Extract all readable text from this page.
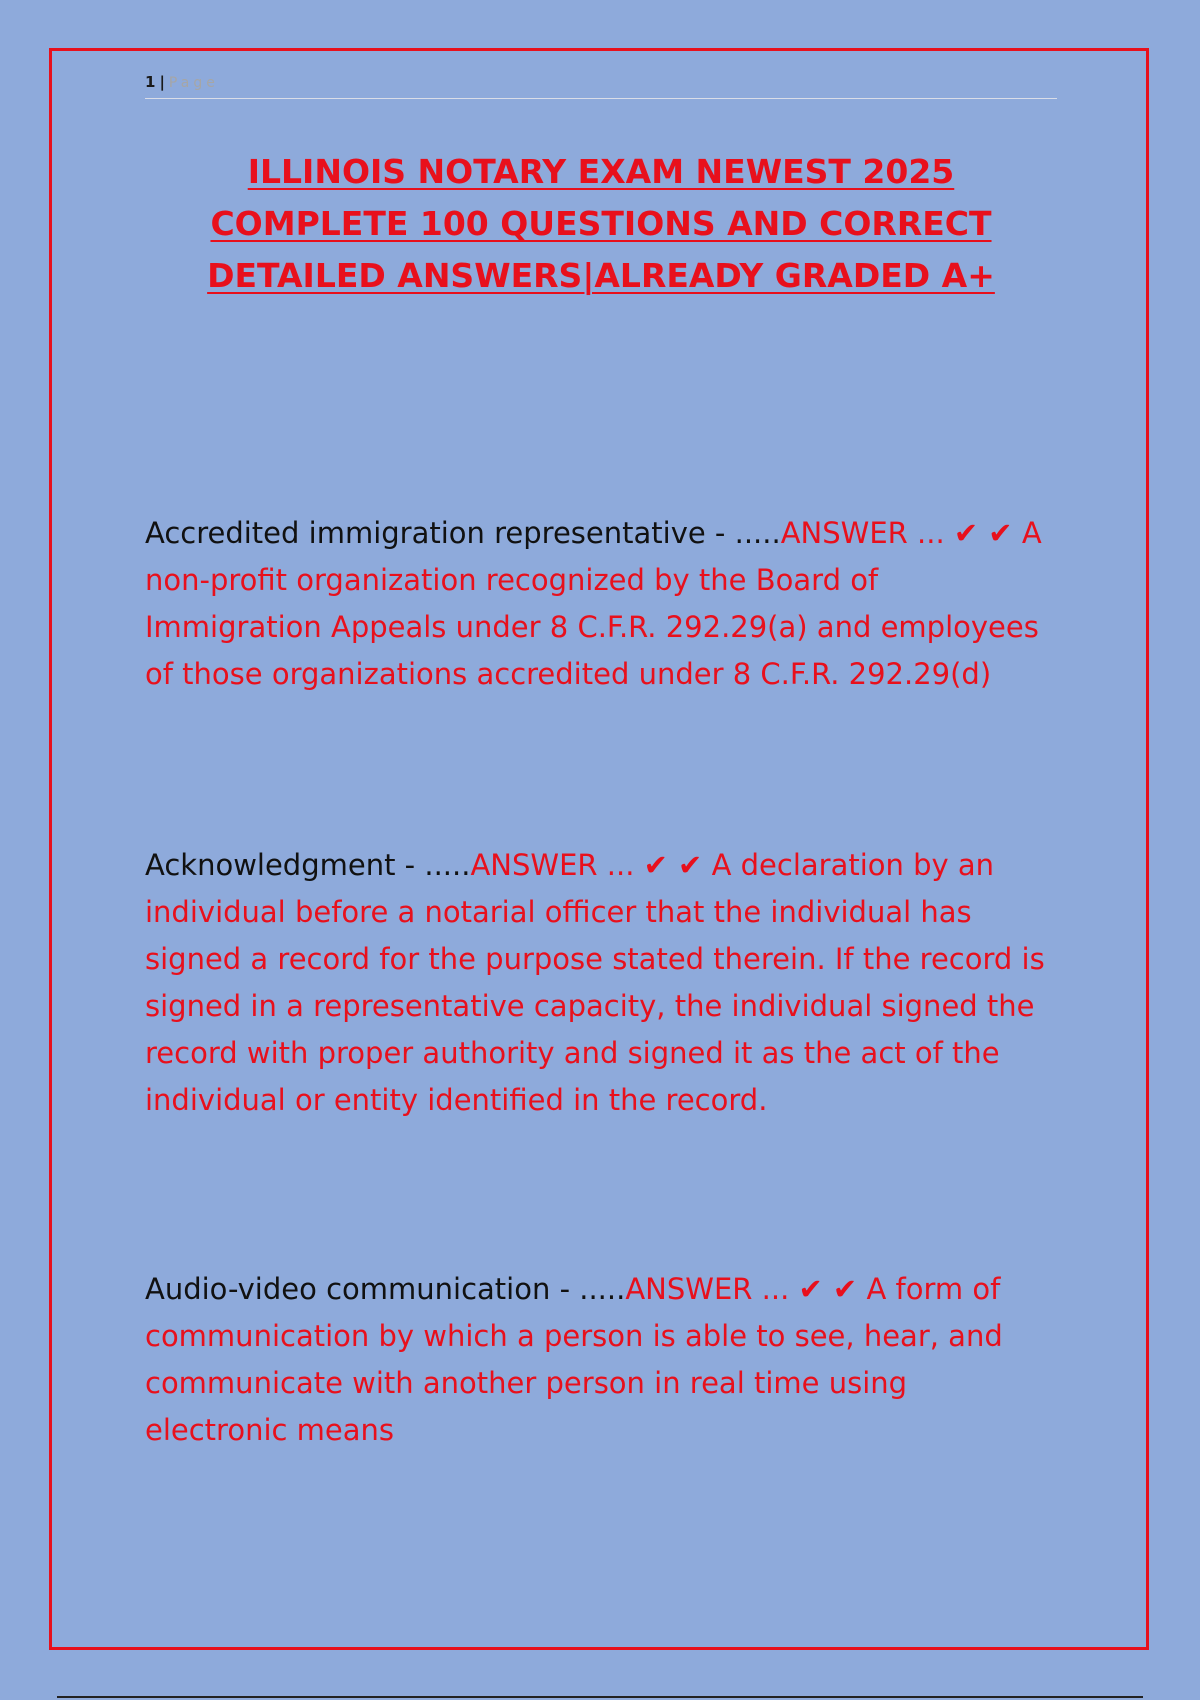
1 | Page
ILLINOIS NOTARY EXAM NEWEST 2025
COMPLETE 100 QUESTIONS AND CORRECT
DETAILED ANSWERS|ALREADY GRADED A+

Accredited immigration representative - .....ANSWER ... ✔ ✔ A non-profit organization recognized by the Board of Immigration Appeals under 8 C.F.R. 292.29(a) and employees of those organizations accredited under 8 C.F.R. 292.29(d)

Acknowledgment - .....ANSWER ... ✔ ✔ A declaration by an individual before a notarial officer that the individual has signed a record for the purpose stated therein. If the record is signed in a representative capacity, the individual signed the record with proper authority and signed it as the act of the individual or entity identified in the record.

Audio-video communication - .....ANSWER ... ✔ ✔ A form of communication by which a person is able to see, hear, and communicate with another person in real time using electronic means
